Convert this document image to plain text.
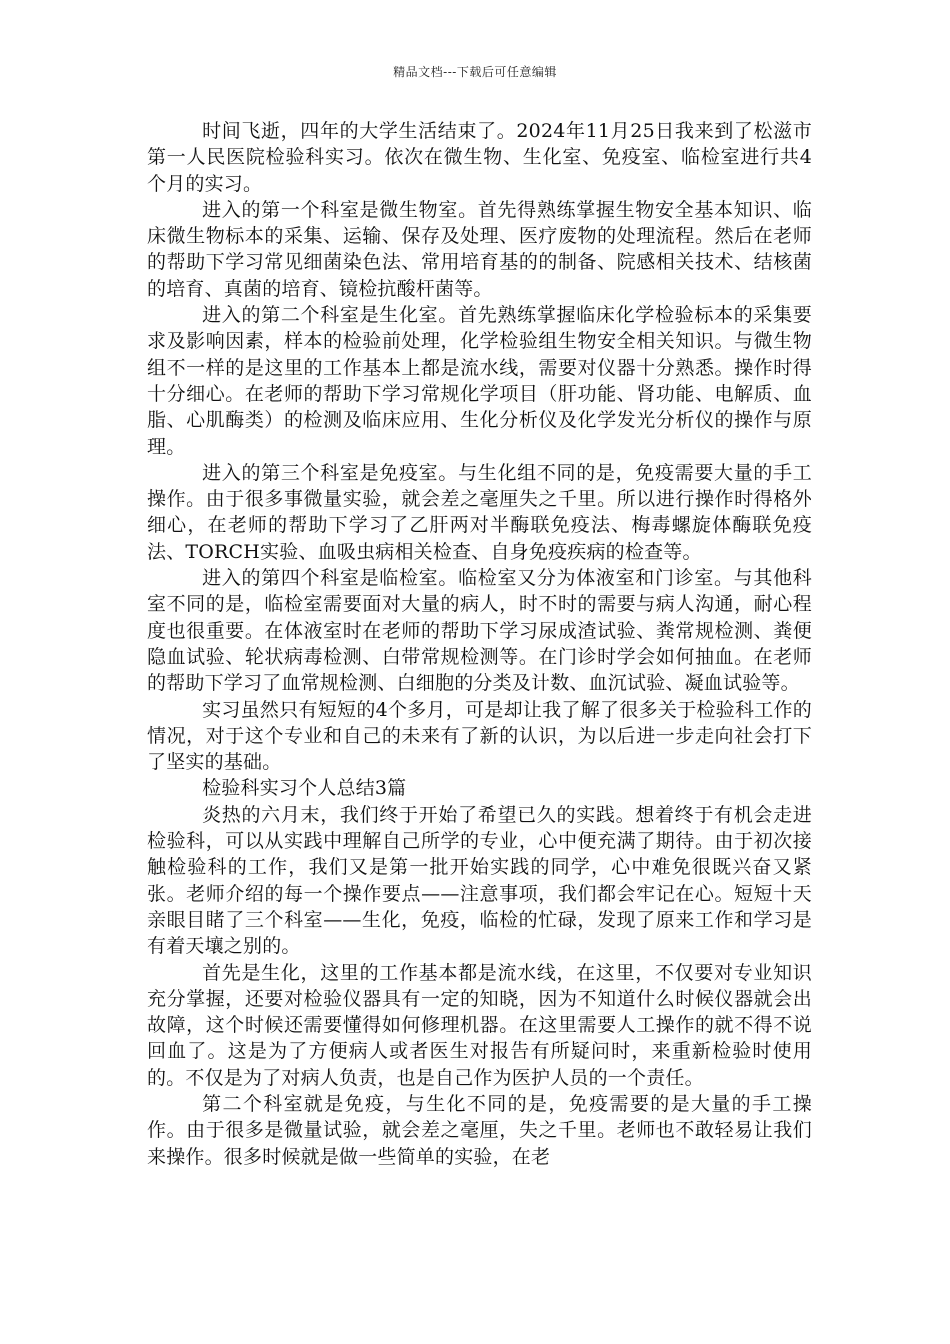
精品文档---下载后可任意编辑

时间飞逝，四年的大学生活结束了。2024年11月25日我来到了松滋市第一人民医院检验科实习。依次在微生物、生化室、免疫室、临检室进行共4个月的实习。

进入的第一个科室是微生物室。首先得熟练掌握生物安全基本知识、临床微生物标本的采集、运输、保存及处理、医疗废物的处理流程。然后在老师的帮助下学习常见细菌染色法、常用培育基的的制备、院感相关技术、结核菌的培育、真菌的培育、镜检抗酸杆菌等。

进入的第二个科室是生化室。首先熟练掌握临床化学检验标本的采集要求及影响因素，样本的检验前处理，化学检验组生物安全相关知识。与微生物组不一样的是这里的工作基本上都是流水线，需要对仪器十分熟悉。操作时得十分细心。在老师的帮助下学习常规化学项目（肝功能、肾功能、电解质、血脂、心肌酶类）的检测及临床应用、生化分析仪及化学发光分析仪的操作与原理。

进入的第三个科室是免疫室。与生化组不同的是，免疫需要大量的手工操作。由于很多事微量实验，就会差之毫厘失之千里。所以进行操作时得格外细心，在老师的帮助下学习了乙肝两对半酶联免疫法、梅毒螺旋体酶联免疫法、TORCH实验、血吸虫病相关检查、自身免疫疾病的检查等。

进入的第四个科室是临检室。临检室又分为体液室和门诊室。与其他科室不同的是，临检室需要面对大量的病人，时不时的需要与病人沟通，耐心程度也很重要。在体液室时在老师的帮助下学习尿成渣试验、粪常规检测、粪便隐血试验、轮状病毒检测、白带常规检测等。在门诊时学会如何抽血。在老师的帮助下学习了血常规检测、白细胞的分类及计数、血沉试验、凝血试验等。

实习虽然只有短短的4个多月，可是却让我了解了很多关于检验科工作的情况，对于这个专业和自己的未来有了新的认识，为以后进一步走向社会打下了坚实的基础。

检验科实习个人总结3篇

炎热的六月末，我们终于开始了希望已久的实践。想着终于有机会走进检验科，可以从实践中理解自己所学的专业，心中便充满了期待。由于初次接触检验科的工作，我们又是第一批开始实践的同学，心中难免很既兴奋又紧张。老师介绍的每一个操作要点——注意事项，我们都会牢记在心。短短十天亲眼目睹了三个科室——生化，免疫，临检的忙碌，发现了原来工作和学习是有着天壤之别的。

首先是生化，这里的工作基本都是流水线，在这里，不仅要对专业知识充分掌握，还要对检验仪器具有一定的知晓，因为不知道什么时候仪器就会出故障，这个时候还需要懂得如何修理机器。在这里需要人工操作的就不得不说回血了。这是为了方便病人或者医生对报告有所疑问时，来重新检验时使用的。不仅是为了对病人负责，也是自己作为医护人员的一个责任。

第二个科室就是免疫，与生化不同的是，免疫需要的是大量的手工操作。由于很多是微量试验，就会差之毫厘，失之千里。老师也不敢轻易让我们来操作。很多时候就是做一些简单的实验，在老
